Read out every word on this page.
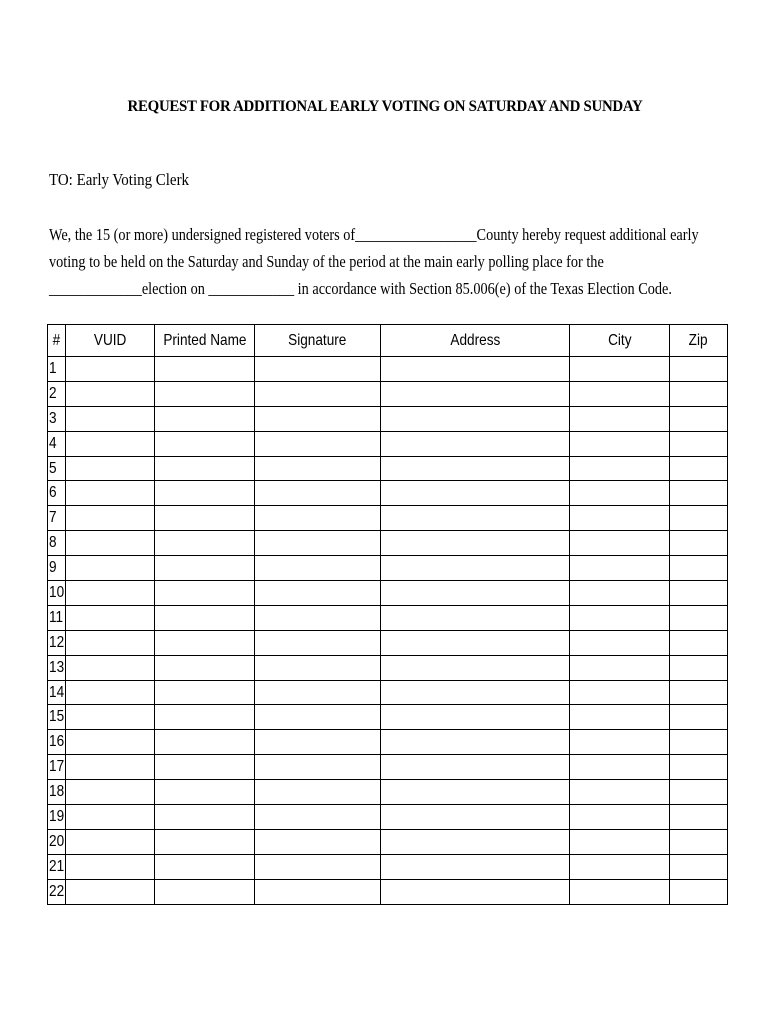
REQUEST FOR ADDITIONAL EARLY VOTING ON SATURDAY AND SUNDAY
TO: Early Voting Clerk
We, the 15 (or more) undersigned registered voters of_________________County hereby request additional early
voting to be held on the Saturday and Sunday of the period at the main early polling place for the
_____________election on ____________ in accordance with Section 85.006(e) of the Texas Election Code.
#	VUID	Printed Name	Signature	Address	City	Zip
1						
2						
3						
4						
5						
6						
7						
8						
9						
10						
11						
12						
13						
14						
15						
16						
17						
18						
19						
20						
21						
22						
